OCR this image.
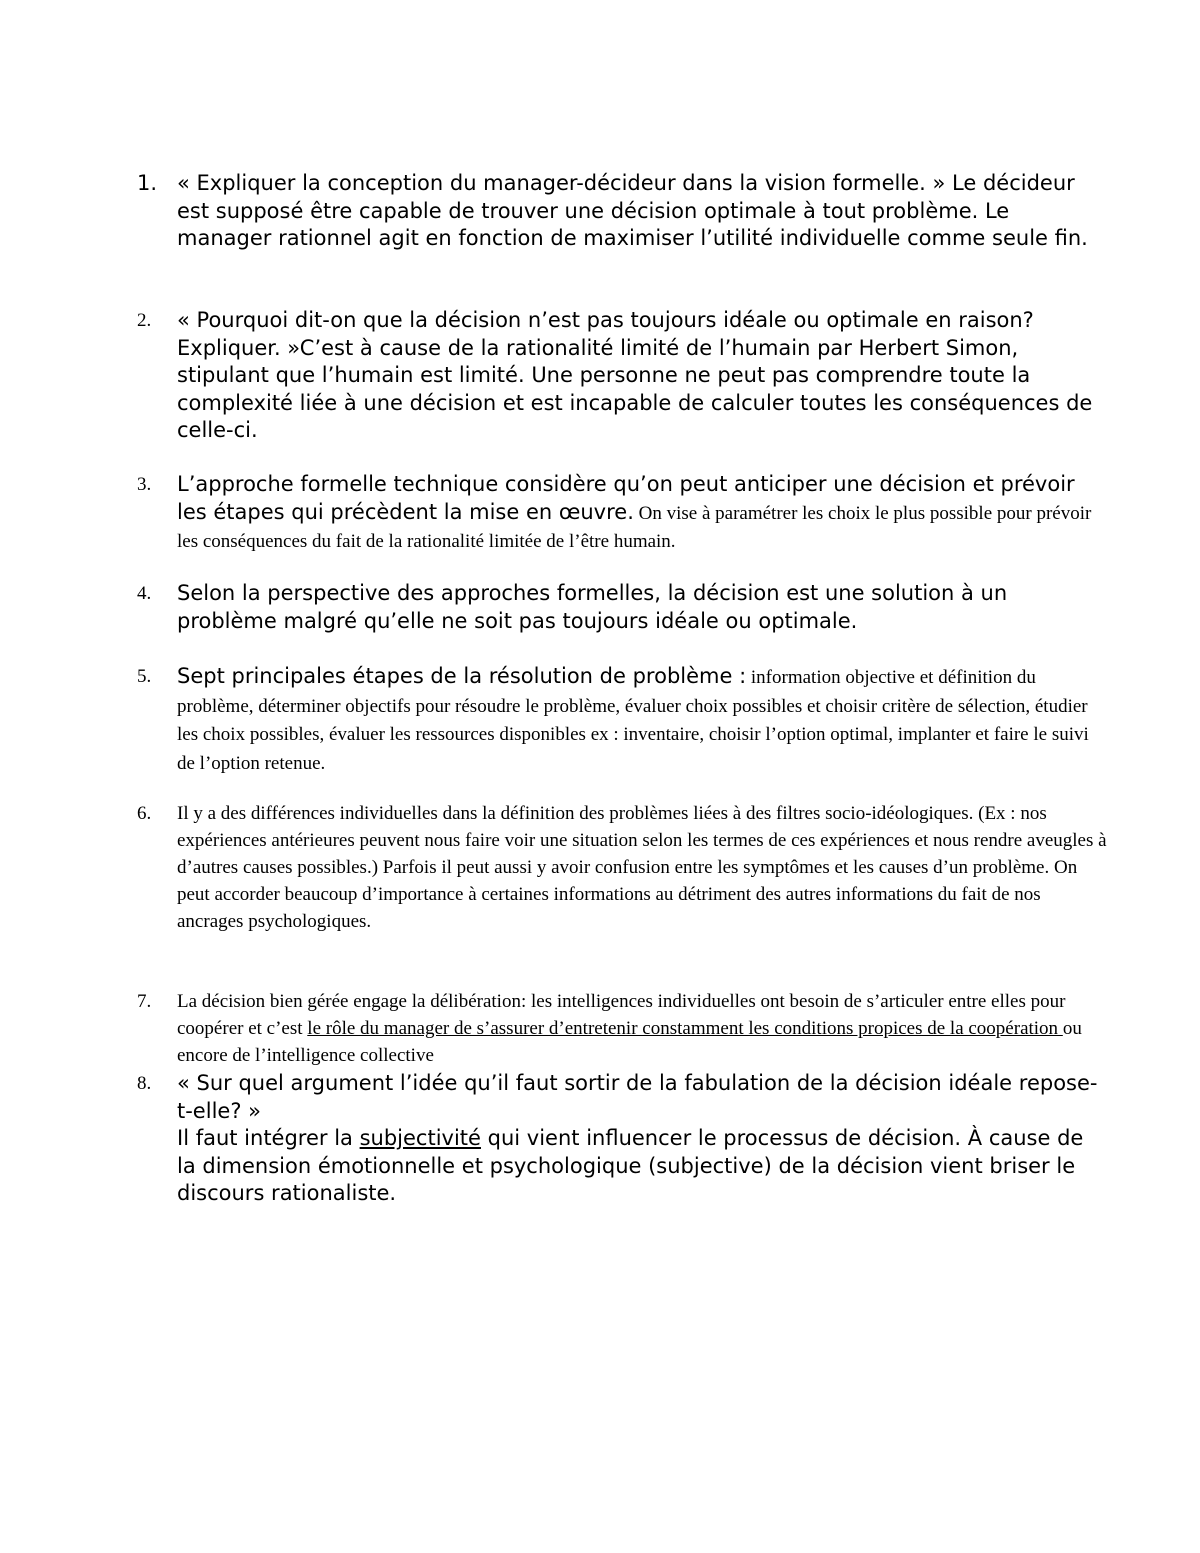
1. « Expliquer la conception du manager-décideur dans la vision formelle. » Le décideur est supposé être capable de trouver une décision optimale à tout problème. Le manager rationnel agit en fonction de maximiser l’utilité individuelle comme seule fin.
2.	« Pourquoi dit-on que la décision n’est pas toujours idéale ou optimale en raison? Expliquer. »C’est à cause de la rationalité limité de l’humain par Herbert Simon, stipulant que l’humain est limité. Une personne ne peut pas comprendre toute la complexité liée à une décision et est incapable de calculer toutes les conséquences de celle-ci.
3.	L’approche formelle technique considère qu’on peut anticiper une décision et prévoir les étapes qui précèdent la mise en œuvre. On vise à paramétrer les choix le plus possible pour prévoir les conséquences du fait de la rationalité limitée de l’être humain.
4.	Selon la perspective des approches formelles, la décision est une solution à un problème malgré qu’elle ne soit pas toujours idéale ou optimale.
5.	Sept principales étapes de la résolution de problème : information objective et définition du problème, déterminer objectifs pour résoudre le problème, évaluer choix possibles et choisir critère de sélection, étudier les choix possibles, évaluer les ressources disponibles ex : inventaire, choisir l’option optimal, implanter et faire le suivi de l’option retenue.
6.	Il y a des différences individuelles dans la définition des problèmes liées à des filtres socio-idéologiques. (Ex : nos expériences antérieures peuvent nous faire voir une situation selon les termes de ces expériences et nous rendre aveugles à d’autres causes possibles.) Parfois il peut aussi y avoir confusion entre les symptômes et les causes d’un problème. On peut accorder beaucoup d’importance à certaines informations au détriment des autres informations du fait de nos ancrages psychologiques.
7.	La décision bien gérée engage la délibération: les intelligences individuelles ont besoin de s’articuler entre elles pour coopérer et c’est le rôle du manager de s’assurer d’entretenir constamment les conditions propices de la coopération ou encore de l’intelligence collective
8.	« Sur quel argument l’idée qu’il faut sortir de la fabulation de la décision idéale repose- t-elle? »
Il faut intégrer la subjectivité qui vient influencer le processus de décision. À cause de la dimension émotionnelle et psychologique (subjective) de la décision vient briser le discours rationaliste.
